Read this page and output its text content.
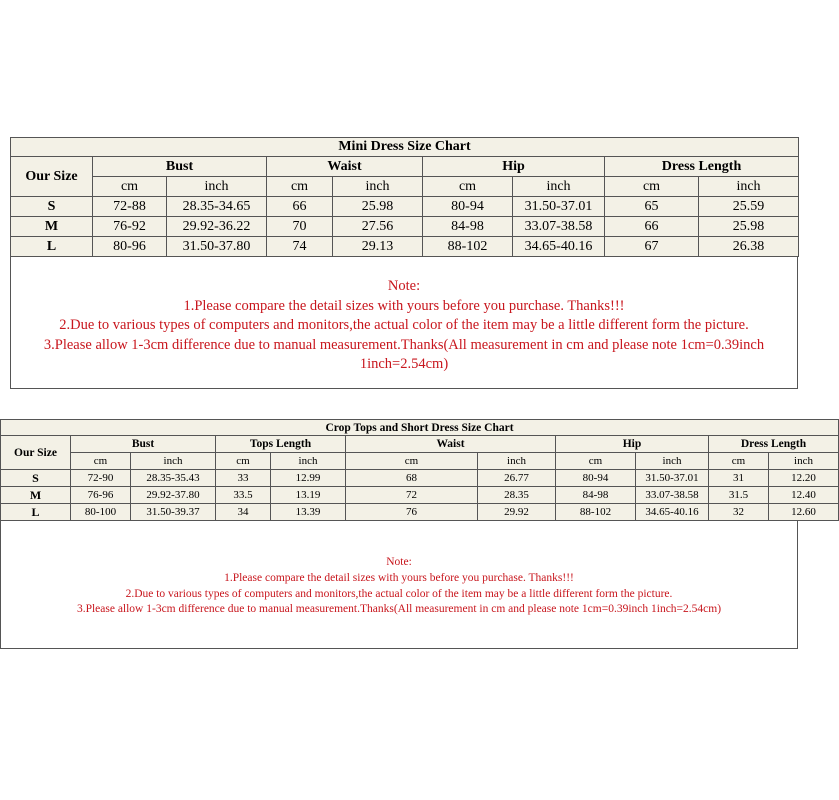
Mini Dress Size Chart								
Our Size	Bust		Waist		Hip		Dress Length	
	cm	inch	cm	inch	cm	inch	cm	inch
S	72-88	28.35-34.65	66	25.98	80-94	31.50-37.01	65	25.59
M	76-92	29.92-36.22	70	27.56	84-98	33.07-38.58	66	25.98
L	80-96	31.50-37.80	74	29.13	88-102	34.65-40.16	67	26.38
Note:
1.Please compare the detail sizes with yours before you purchase. Thanks!!!
2.Due to various types of computers and monitors,the actual color of the item may be a little different form the picture.
3.Please allow 1-3cm difference due to manual measurement.Thanks(All measurement in cm and please note 1cm=0.39inch
1inch=2.54cm)
Crop Tops and Short Dress Size Chart										
Our Size	Bust		Tops Length		Waist		Hip		Dress Length	
	cm	inch	cm	inch	cm	inch	cm	inch	cm	inch
S	72-90	28.35-35.43	33	12.99	68	26.77	80-94	31.50-37.01	31	12.20
M	76-96	29.92-37.80	33.5	13.19	72	28.35	84-98	33.07-38.58	31.5	12.40
L	80-100	31.50-39.37	34	13.39	76	29.92	88-102	34.65-40.16	32	12.60
Note:
1.Please compare the detail sizes with yours before you purchase. Thanks!!!
2.Due to various types of computers and monitors,the actual color of the item may be a little different form the picture.
3.Please allow 1-3cm difference due to manual measurement.Thanks(All measurement in cm and please note 1cm=0.39inch 1inch=2.54cm)
